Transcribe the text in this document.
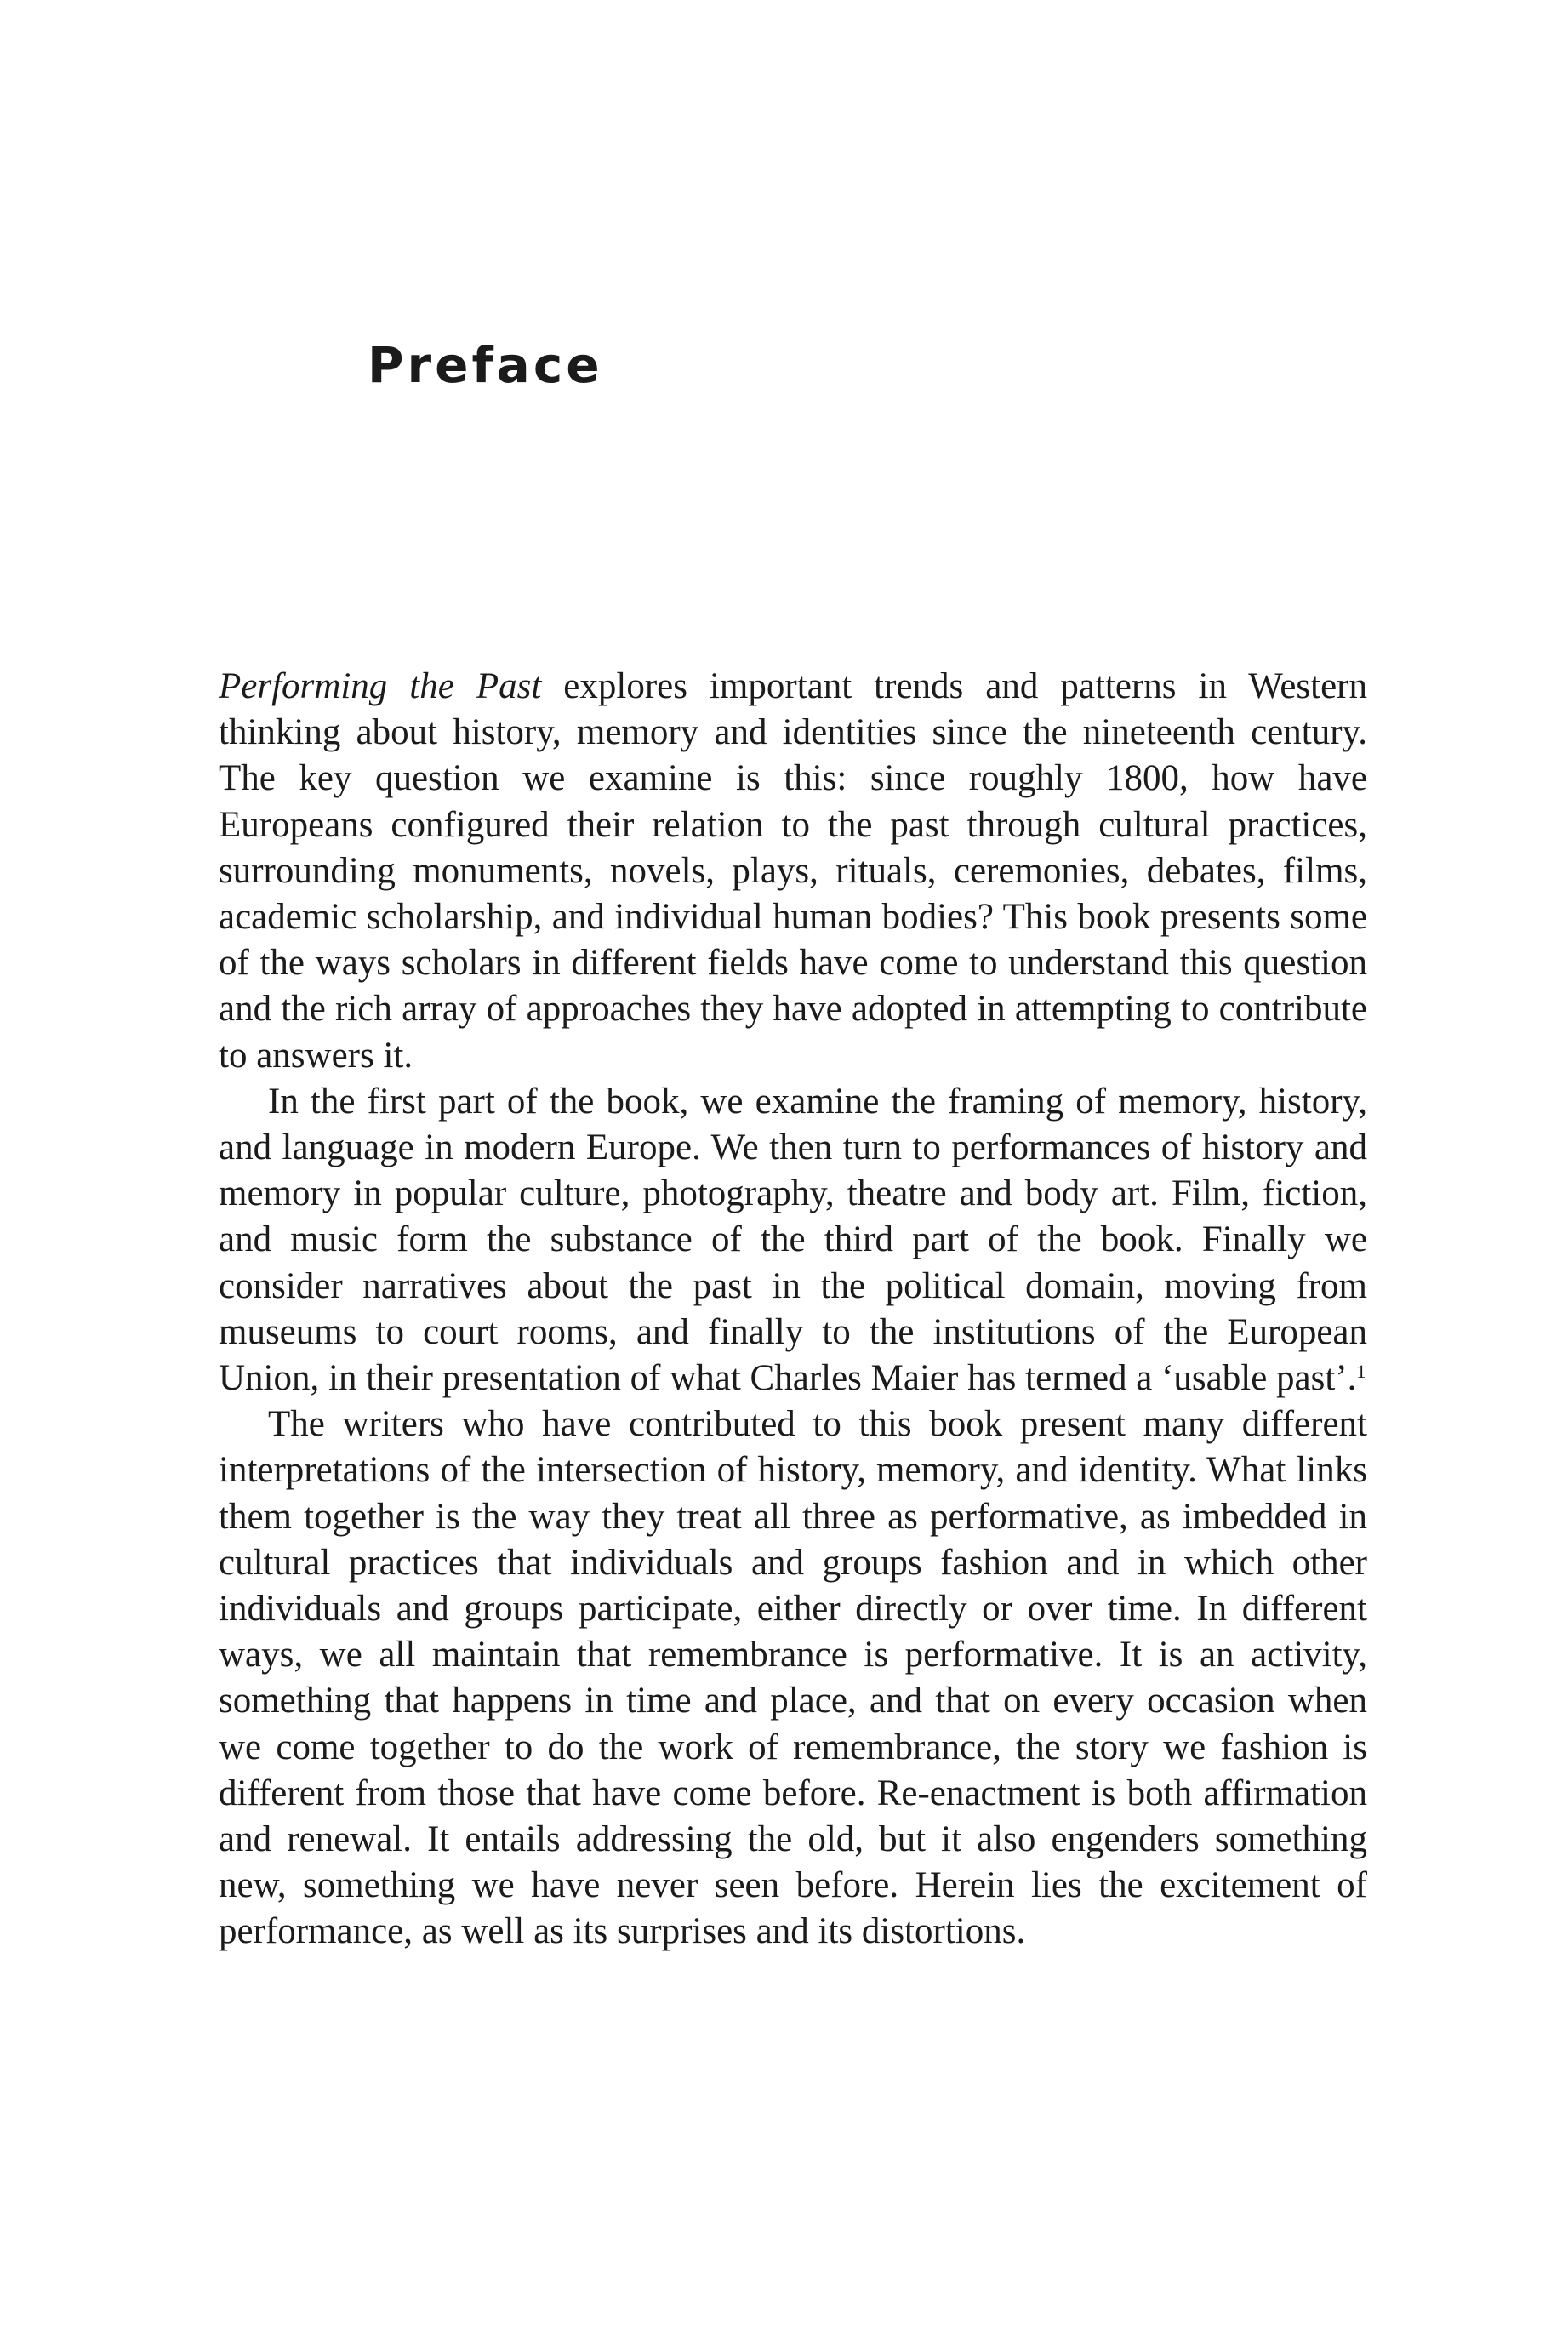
Preface

Performing the Past explores important trends and patterns in Western thinking about history, memory and identities since the nineteenth century. The key question we examine is this: since roughly 1800, how have Europeans configured their relation to the past through cultural practices, surrounding monuments, novels, plays, rituals, ceremonies, debates, films, academic scholarship, and individual human bodies? This book presents some of the ways scholars in different fields have come to understand this question and the rich array of approaches they have adopted in attempting to contribute to answers it.

In the first part of the book, we examine the framing of memory, history, and language in modern Europe. We then turn to performances of history and memory in popular culture, photography, theatre and body art. Film, fiction, and music form the substance of the third part of the book. Finally we consider narratives about the past in the political domain, moving from museums to court rooms, and finally to the institutions of the European Union, in their presentation of what Charles Maier has termed a ‘usable past’.$^1$

The writers who have contributed to this book present many different interpretations of the intersection of history, memory, and identity. What links them together is the way they treat all three as performative, as imbedded in cultural practices that individuals and groups fashion and in which other individuals and groups participate, either directly or over time. In different ways, we all maintain that remembrance is performative. It is an activity, something that happens in time and place, and that on every occasion when we come together to do the work of remembrance, the story we fashion is different from those that have come before. Re-enactment is both affirmation and renewal. It entails addressing the old, but it also engenders something new, something we have never seen before. Herein lies the excitement of performance, as well as its surprises and its distortions.
